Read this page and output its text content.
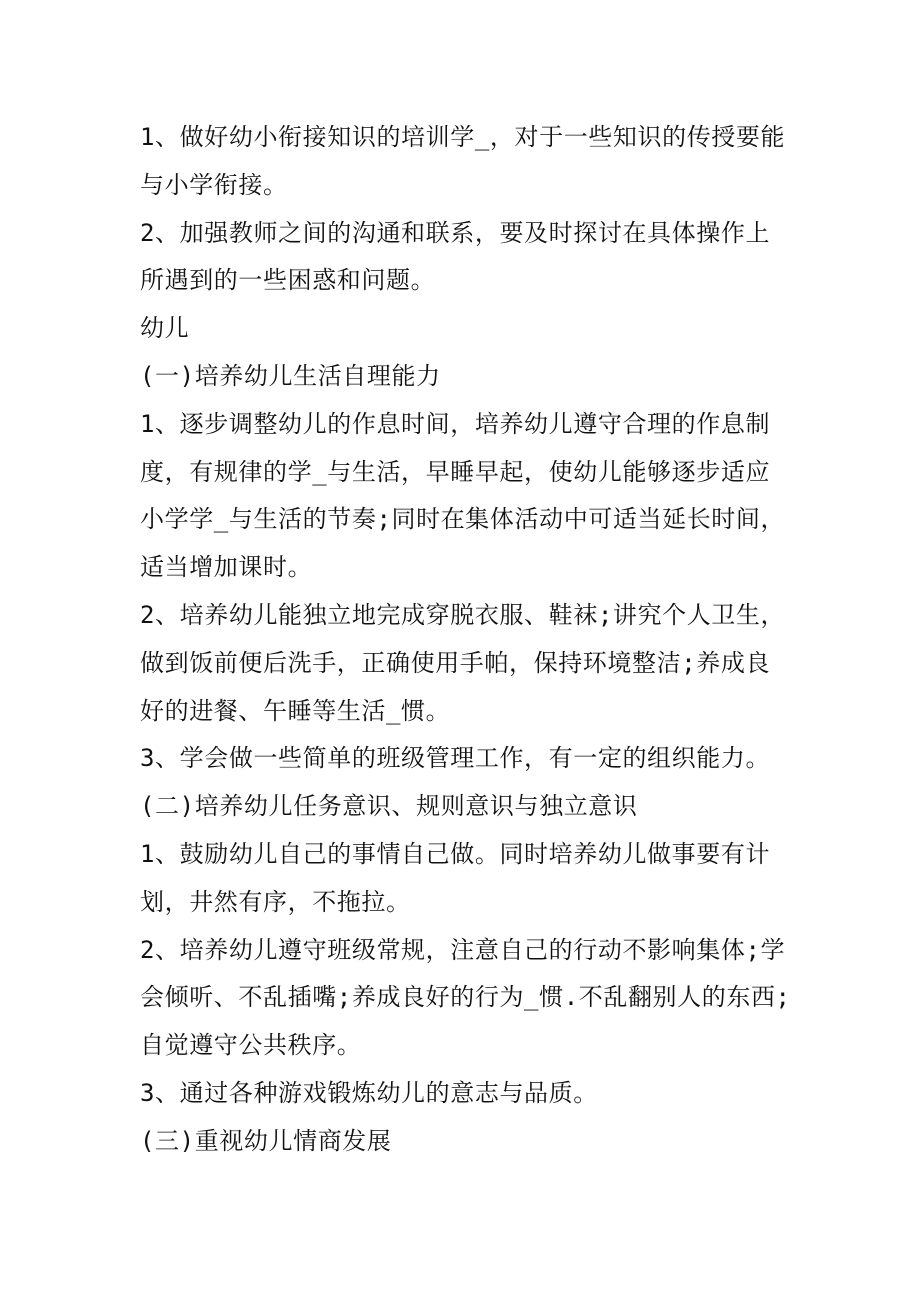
1、做好幼小衔接知识的培训学_，对于一些知识的传授要能
与小学衔接。
2、加强教师之间的沟通和联系，要及时探讨在具体操作上
所遇到的一些困惑和问题。
幼儿
(一)培养幼儿生活自理能力
1、逐步调整幼儿的作息时间，培养幼儿遵守合理的作息制
度，有规律的学_与生活，早睡早起，使幼儿能够逐步适应
小学学_与生活的节奏;同时在集体活动中可适当延长时间，
适当增加课时。
2、培养幼儿能独立地完成穿脱衣服、鞋袜;讲究个人卫生，
做到饭前便后洗手，正确使用手帕，保持环境整洁;养成良
好的进餐、午睡等生活_惯。
3、学会做一些简单的班级管理工作，有一定的组织能力。
(二)培养幼儿任务意识、规则意识与独立意识
1、鼓励幼儿自己的事情自己做。同时培养幼儿做事要有计
划，井然有序，不拖拉。
2、培养幼儿遵守班级常规，注意自己的行动不影响集体;学
会倾听、不乱插嘴;养成良好的行为_惯.不乱翻别人的东西;
自觉遵守公共秩序。
3、通过各种游戏锻炼幼儿的意志与品质。
(三)重视幼儿情商发展
